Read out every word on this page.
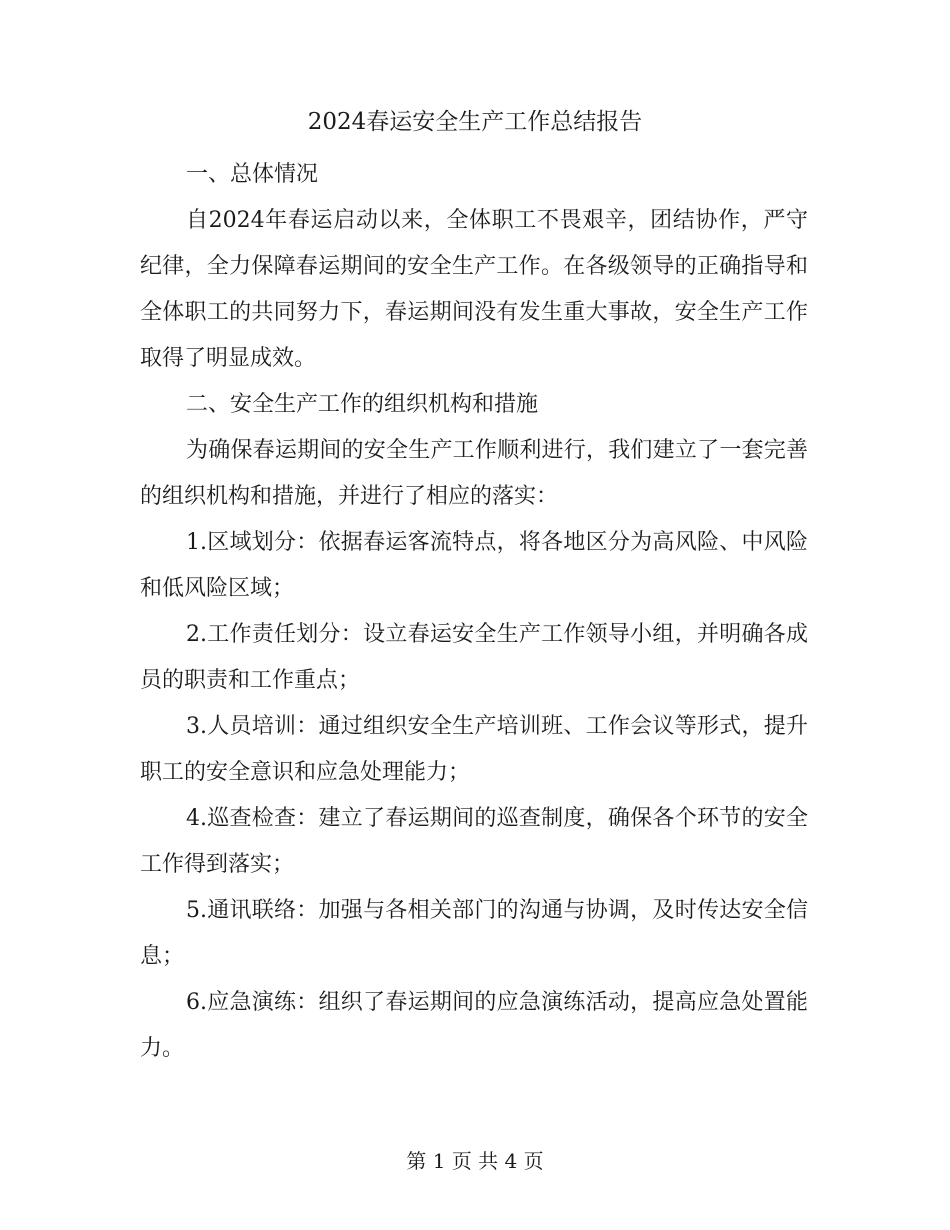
2024春运安全生产工作总结报告

一、总体情况

自2024年春运启动以来，全体职工不畏艰辛，团结协作，严守纪律，全力保障春运期间的安全生产工作。在各级领导的正确指导和全体职工的共同努力下，春运期间没有发生重大事故，安全生产工作取得了明显成效。

二、安全生产工作的组织机构和措施

为确保春运期间的安全生产工作顺利进行，我们建立了一套完善的组织机构和措施，并进行了相应的落实：

1.区域划分：依据春运客流特点，将各地区分为高风险、中风险和低风险区域；

2.工作责任划分：设立春运安全生产工作领导小组，并明确各成员的职责和工作重点；

3.人员培训：通过组织安全生产培训班、工作会议等形式，提升职工的安全意识和应急处理能力；

4.巡查检查：建立了春运期间的巡查制度，确保各个环节的安全工作得到落实；

5.通讯联络：加强与各相关部门的沟通与协调，及时传达安全信息；

6.应急演练：组织了春运期间的应急演练活动，提高应急处置能力。

第 1 页 共 4 页
